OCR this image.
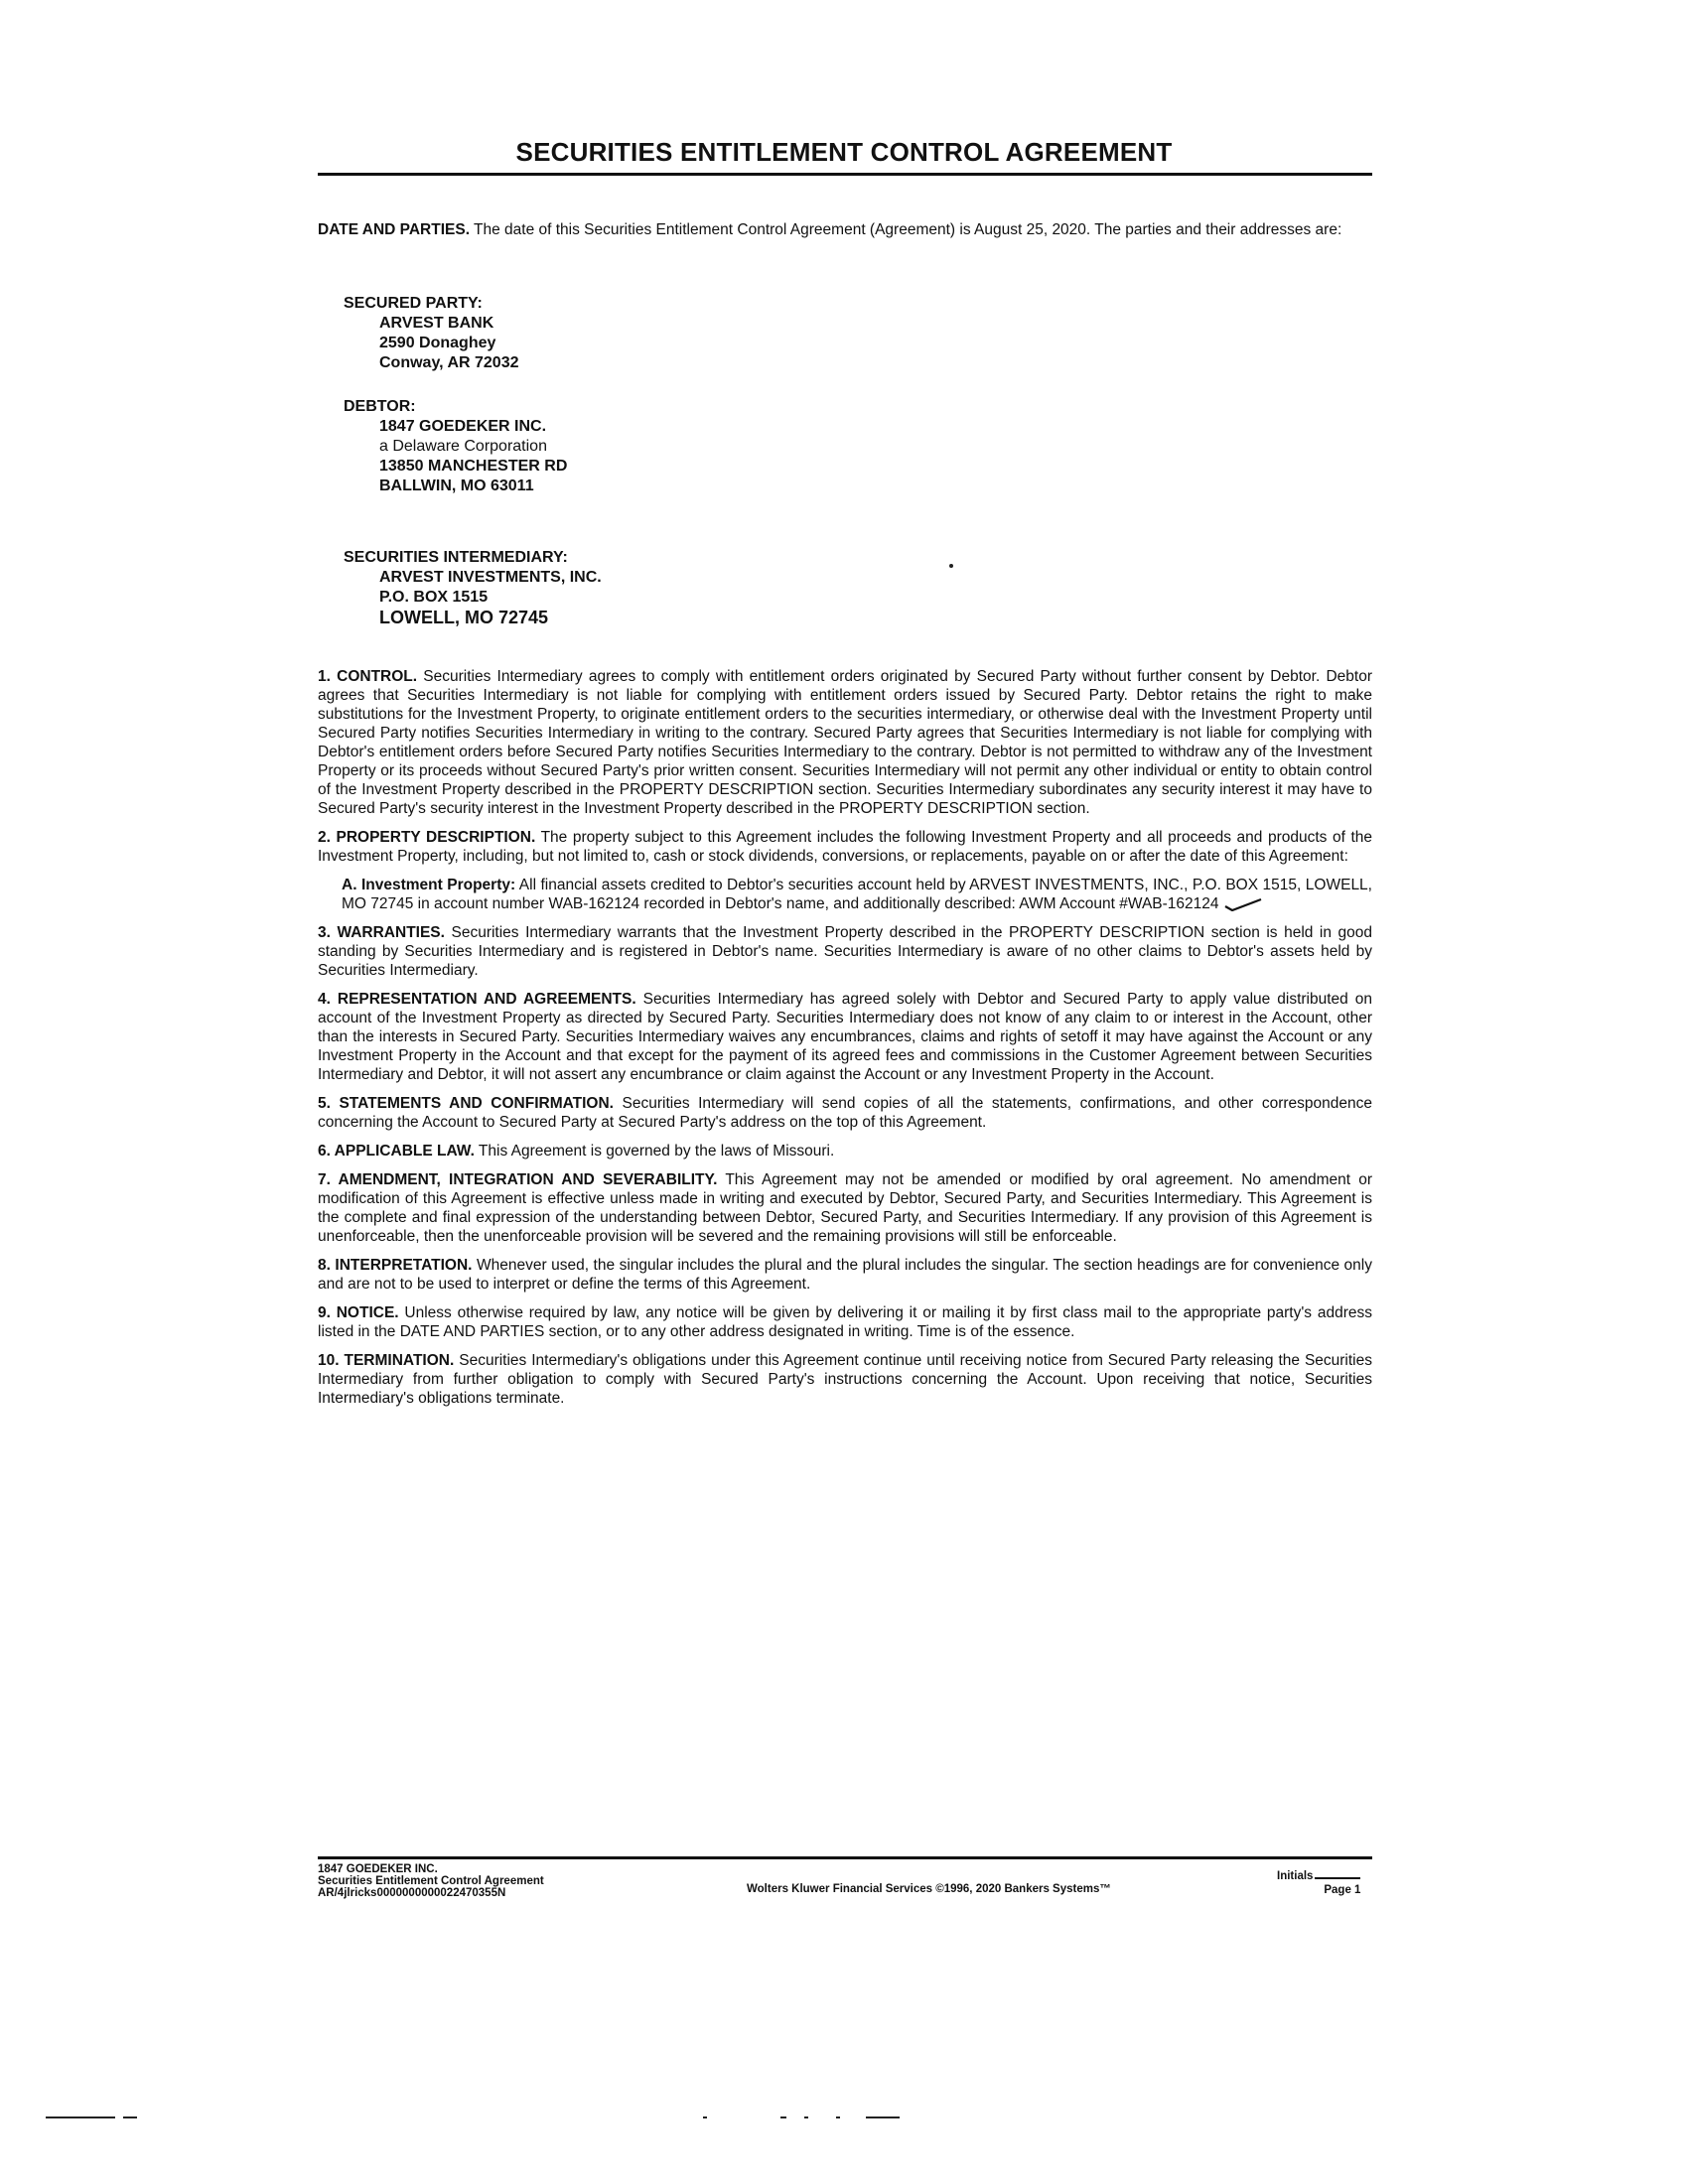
SECURITIES ENTITLEMENT CONTROL AGREEMENT
DATE AND PARTIES. The date of this Securities Entitlement Control Agreement (Agreement) is August 25, 2020. The parties and their addresses are:
SECURED PARTY:
ARVEST BANK
2590 Donaghey
Conway, AR 72032
DEBTOR:
1847 GOEDEKER INC.
a Delaware Corporation
13850 MANCHESTER RD
BALLWIN, MO 63011
SECURITIES INTERMEDIARY:
ARVEST INVESTMENTS, INC.
P.O. BOX 1515
LOWELL, MO 72745

1. CONTROL. Securities Intermediary agrees to comply with entitlement orders originated by Secured Party without further consent by Debtor. Debtor agrees that Securities Intermediary is not liable for complying with entitlement orders issued by Secured Party. Debtor retains the right to make substitutions for the Investment Property, to originate entitlement orders to the securities intermediary, or otherwise deal with the Investment Property until Secured Party notifies Securities Intermediary in writing to the contrary. Secured Party agrees that Securities Intermediary is not liable for complying with Debtor's entitlement orders before Secured Party notifies Securities Intermediary to the contrary. Debtor is not permitted to withdraw any of the Investment Property or its proceeds without Secured Party's prior written consent. Securities Intermediary will not permit any other individual or entity to obtain control of the Investment Property described in the PROPERTY DESCRIPTION section. Securities Intermediary subordinates any security interest it may have to Secured Party's security interest in the Investment Property described in the PROPERTY DESCRIPTION section.

2. PROPERTY DESCRIPTION. The property subject to this Agreement includes the following Investment Property and all proceeds and products of the Investment Property, including, but not limited to, cash or stock dividends, conversions, or replacements, payable on or after the date of this Agreement:

A. Investment Property: All financial assets credited to Debtor's securities account held by ARVEST INVESTMENTS, INC., P.O. BOX 1515, LOWELL, MO 72745 in account number WAB-162124 recorded in Debtor's name, and additionally described: AWM Account #WAB-162124

3. WARRANTIES. Securities Intermediary warrants that the Investment Property described in the PROPERTY DESCRIPTION section is held in good standing by Securities Intermediary and is registered in Debtor's name. Securities Intermediary is aware of no other claims to Debtor's assets held by Securities Intermediary.

4. REPRESENTATION AND AGREEMENTS. Securities Intermediary has agreed solely with Debtor and Secured Party to apply value distributed on account of the Investment Property as directed by Secured Party. Securities Intermediary does not know of any claim to or interest in the Account, other than the interests in Secured Party. Securities Intermediary waives any encumbrances, claims and rights of setoff it may have against the Account or any Investment Property in the Account and that except for the payment of its agreed fees and commissions in the Customer Agreement between Securities Intermediary and Debtor, it will not assert any encumbrance or claim against the Account or any Investment Property in the Account.

5. STATEMENTS AND CONFIRMATION. Securities Intermediary will send copies of all the statements, confirmations, and other correspondence concerning the Account to Secured Party at Secured Party's address on the top of this Agreement.

6. APPLICABLE LAW. This Agreement is governed by the laws of Missouri.

7. AMENDMENT, INTEGRATION AND SEVERABILITY. This Agreement may not be amended or modified by oral agreement. No amendment or modification of this Agreement is effective unless made in writing and executed by Debtor, Secured Party, and Securities Intermediary. This Agreement is the complete and final expression of the understanding between Debtor, Secured Party, and Securities Intermediary. If any provision of this Agreement is unenforceable, then the unenforceable provision will be severed and the remaining provisions will still be enforceable.

8. INTERPRETATION. Whenever used, the singular includes the plural and the plural includes the singular. The section headings are for convenience only and are not to be used to interpret or define the terms of this Agreement.

9. NOTICE. Unless otherwise required by law, any notice will be given by delivering it or mailing it by first class mail to the appropriate party's address listed in the DATE AND PARTIES section, or to any other address designated in writing. Time is of the essence.

10. TERMINATION. Securities Intermediary's obligations under this Agreement continue until receiving notice from Secured Party releasing the Securities Intermediary from further obligation to comply with Secured Party's instructions concerning the Account. Upon receiving that notice, Securities Intermediary's obligations terminate.

1847 GOEDEKER INC.
Securities Entitlement Control Agreement
AR/4jlricks0000000000022470355N	Wolters Kluwer Financial Services ©1996, 2020 Bankers Systems™
Initials
Page 1
